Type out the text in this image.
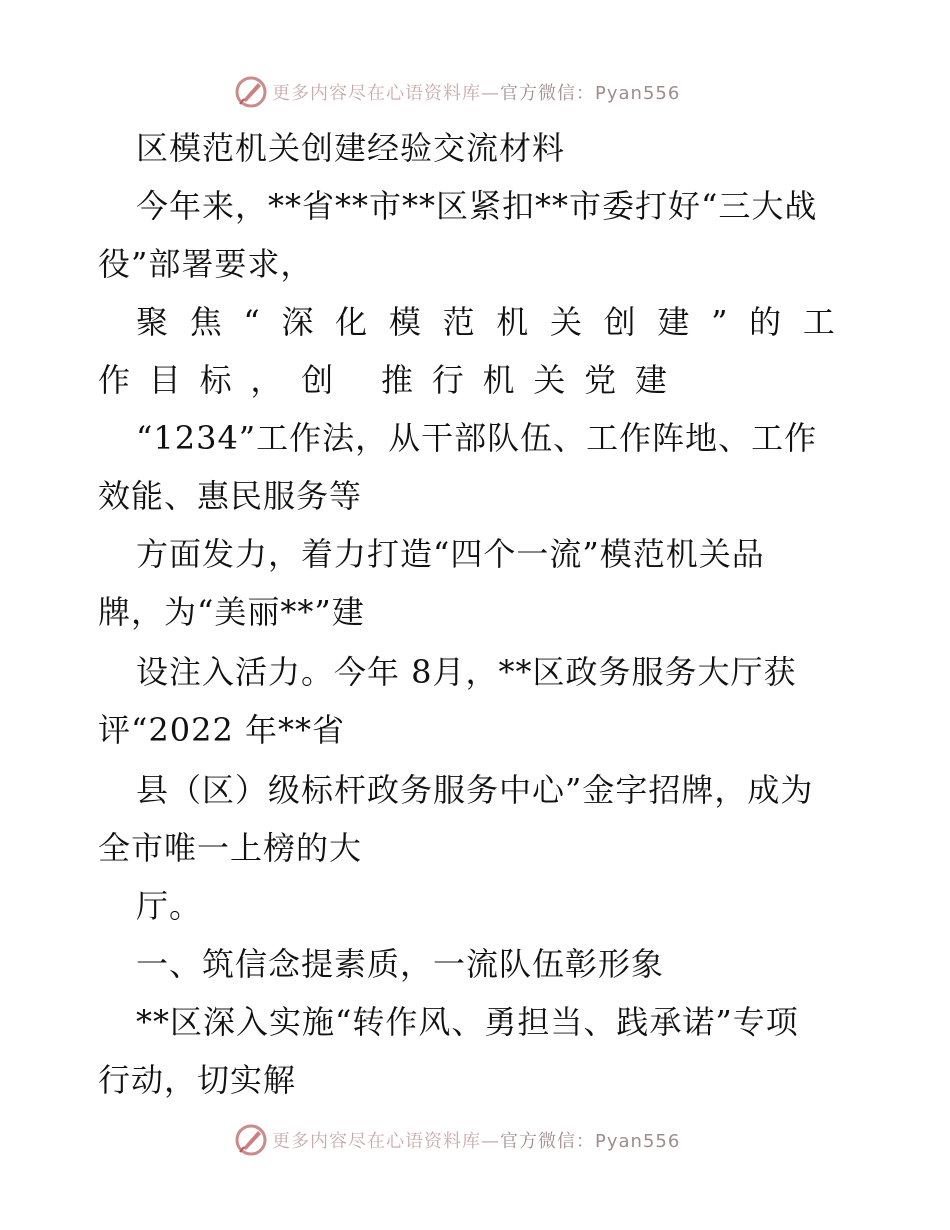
更多内容尽在心语资料库—官方微信：Pyan556
区模范机关创建经验交流材料
今年来，**省**市**区紧扣**市委打好“三大战
役”部署要求，
聚 焦 “ 深 化 模 范 机 关 创 建 ” 的 工
作 目 标 ， 创
推 行 机 关 党 建
“1234”工作法，从干部队伍、工作阵地、工作
效能、惠民服务等
方面发力，着力打造“四个一流”模范机关品
牌，为“美丽**”建
设注入活力。今年 8月，**区政务服务大厅获
评“2022 年**省
县（区）级标杆政务服务中心”金字招牌，成为
全市唯一上榜的大
厅。
一、筑信念提素质，一流队伍彰形象
**区深入实施“转作风、勇担当、践承诺”专项
行动，切实解
更多内容尽在心语资料库—官方微信：Pyan556
